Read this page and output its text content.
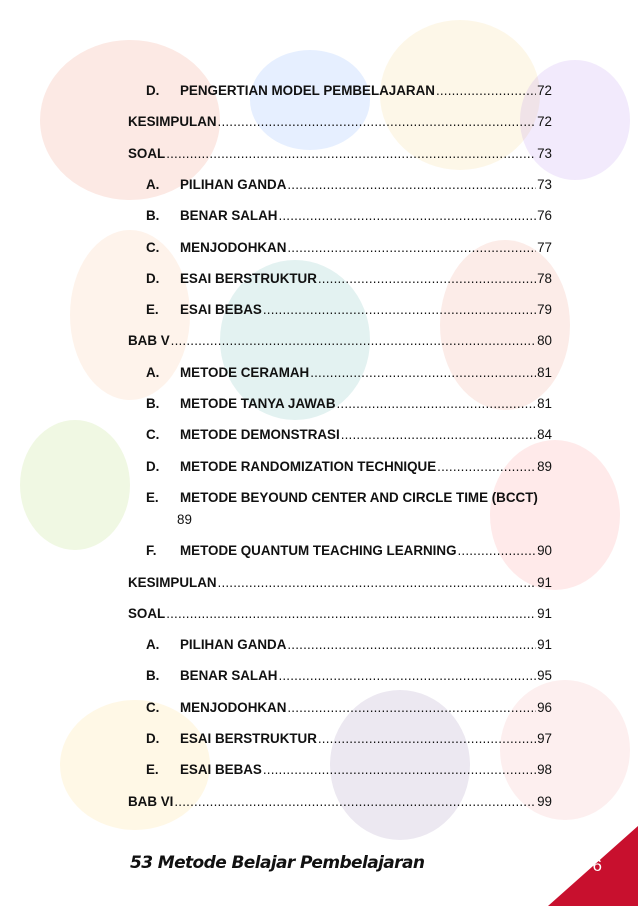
D. PENGERTIAN MODEL PEMBELAJARAN .....	72
KESIMPULAN .....	72
SOAL .....	73
A. PILIHAN GANDA .....	73
B. BENAR SALAH .....	76
C. MENJODOHKAN .....	77
D. ESAI BERSTRUKTUR .....	78
E. ESAI BEBAS .....	79
BAB V .....	80
A. METODE CERAMAH .....	81
B. METODE TANYA JAWAB .....	81
C. METODE DEMONSTRASI .....	84
D. METODE RANDOMIZATION TECHNIQUE .....	89
E. METODE BEYOUND CENTER AND CIRCLE TIME (BCCT)
89
F. METODE QUANTUM TEACHING LEARNING .....	90
KESIMPULAN .....	91
SOAL .....	91
A. PILIHAN GANDA .....	91
B. BENAR SALAH .....	95
C. MENJODOHKAN .....	96
D. ESAI BERSTRUKTUR .....	97
E. ESAI BEBAS .....	98
BAB VI .....	99
53 Metode Belajar Pembelajaran	6
